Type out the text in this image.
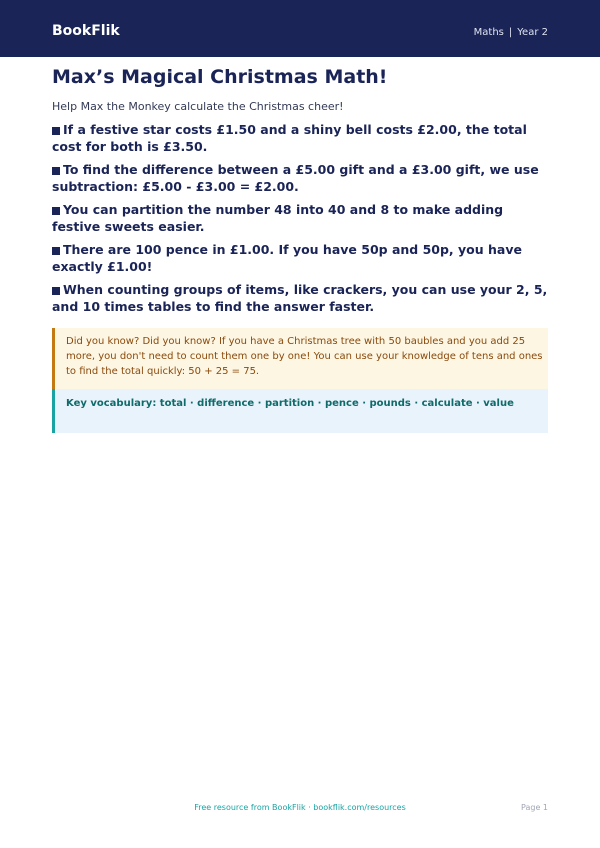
BookFlik	Maths | Year 2
Max’s Magical Christmas Math!

Help Max the Monkey calculate the Christmas cheer!

If a festive star costs £1.50 and a shiny bell costs £2.00, the total cost for both is £3.50.
To find the difference between a £5.00 gift and a £3.00 gift, we use subtraction: £5.00 - £3.00 = £2.00.
You can partition the number 48 into 40 and 8 to make adding festive sweets easier.
There are 100 pence in £1.00. If you have 50p and 50p, you have exactly £1.00!
When counting groups of items, like crackers, you can use your 2, 5, and 10 times tables to find the answer faster.
Did you know? Did you know? If you have a Christmas tree with 50 baubles and you add 25 more, you don't need to count them one by one! You can use your knowledge of tens and ones to find the total quickly: 50 + 25 = 75.
Key vocabulary: total · difference · partition · pence · pounds · calculate · value
Free resource from BookFlik · bookflik.com/resources	Page 1
